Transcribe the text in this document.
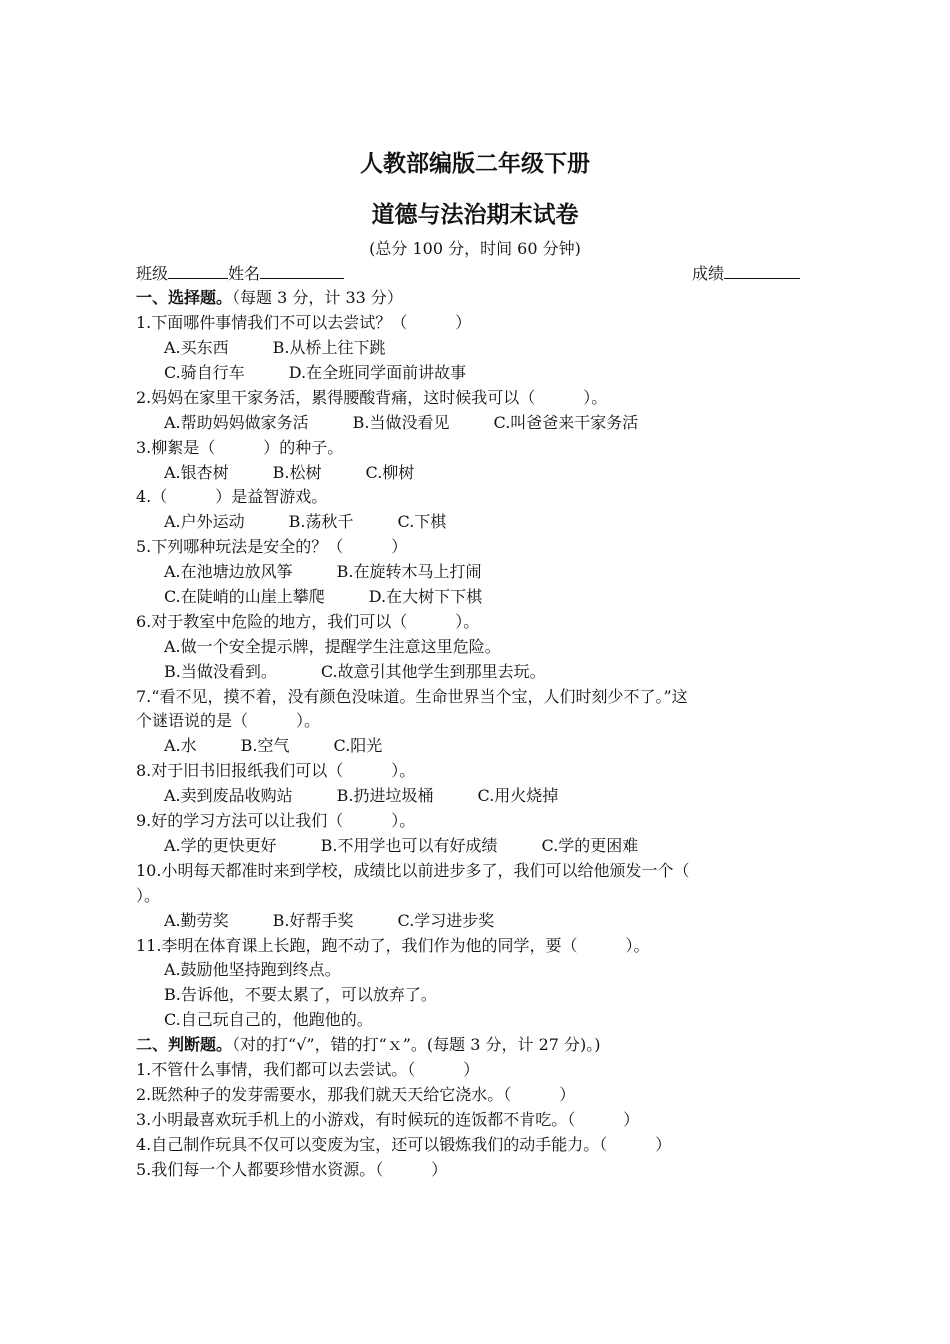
人教部编版二年级下册
道德与法治期末试卷
(总分 100 分，时间 60 分钟)
班级	姓名	成绩
一、选择题。（每题 3 分，计 33 分）
1.下面哪件事情我们不可以去尝试？（　　　）
A.买东西	B.从桥上往下跳
C.骑自行车	D.在全班同学面前讲故事
2.妈妈在家里干家务活，累得腰酸背痛，这时候我可以（　　　）。
A.帮助妈妈做家务活	B.当做没看见	C.叫爸爸来干家务活
3.柳絮是（　　　）的种子。
A.银杏树	B.松树	C.柳树
4.（　　　）是益智游戏。
A.户外运动	B.荡秋千	C.下棋
5.下列哪种玩法是安全的？（　　　）
A.在池塘边放风筝	B.在旋转木马上打闹
C.在陡峭的山崖上攀爬	D.在大树下下棋
6.对于教室中危险的地方，我们可以（　　　）。
A.做一个安全提示牌，提醒学生注意这里危险。
B.当做没看到。	C.故意引其他学生到那里去玩。
7.“看不见，摸不着，没有颜色没味道。生命世界当个宝，人们时刻少不了。”这
个谜语说的是（　　　）。
A.水	B.空气	C.阳光
8.对于旧书旧报纸我们可以（　　　）。
A.卖到废品收购站	B.扔进垃圾桶	C.用火烧掉
9.好的学习方法可以让我们（　　　）。
A.学的更快更好	B.不用学也可以有好成绩	C.学的更困难
10.小明每天都准时来到学校，成绩比以前进步多了，我们可以给他颁发一个（
）。
A.勤劳奖	B.好帮手奖	C.学习进步奖
11.李明在体育课上长跑，跑不动了，我们作为他的同学，要（　　　）。
A.鼓励他坚持跑到终点。
B.告诉他，不要太累了，可以放弃了。
C.自己玩自己的，他跑他的。
二、判断题。（对的打“√”，错的打“ｘ”。(每题 3 分，计 27 分)。)
1.不管什么事情，我们都可以去尝试。（　　　）
2.既然种子的发芽需要水，那我们就天天给它浇水。（　　　）
3.小明最喜欢玩手机上的小游戏，有时候玩的连饭都不肯吃。（　　　）
4.自己制作玩具不仅可以变废为宝，还可以锻炼我们的动手能力。（　　　）
5.我们每一个人都要珍惜水资源。（　　　）
